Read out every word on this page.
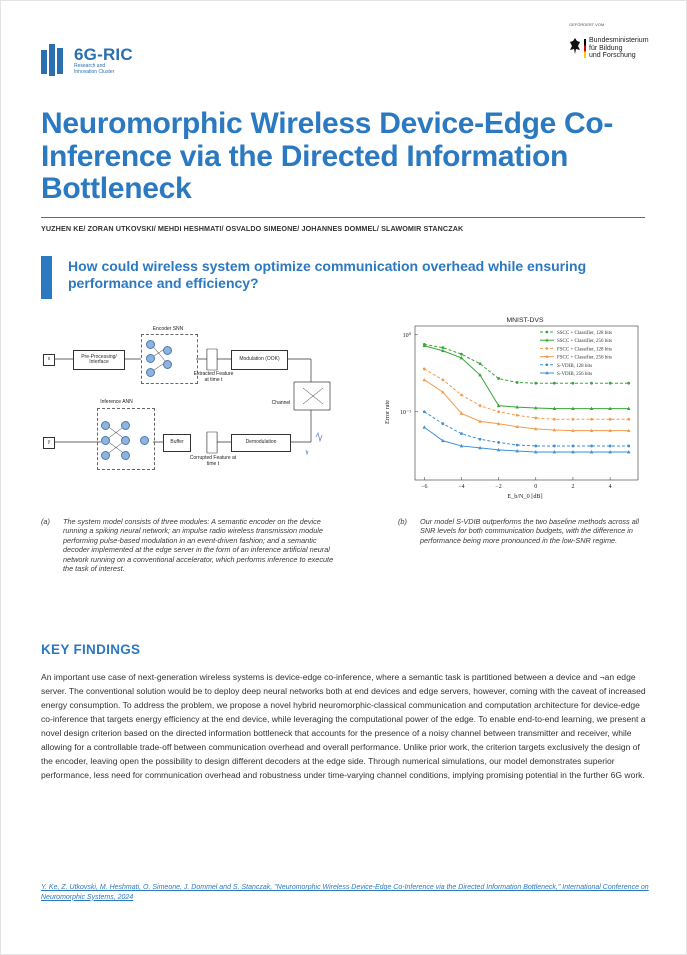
6G-RIC
Research and Innovation Cluster
GEFÖRDERT VOM
Bundesministerium
für Bildung
und Forschung
Neuromorphic Wireless Device-Edge Co-Inference via the Directed Information Bottleneck
YUZHEN KE/ ZORAN UTKOVSKI/ MEHDI HESHMATI/ OSVALDO SIMEONE/ JOHANNES DOMMEL/ SLAWOMIR STANCZAK
How could wireless system optimize communication overhead while ensuring performance and efficiency?
x	Pre-Processing/ Interface
Encoder SNN
Modulation (OOK)
Extracted Feature at time t
Channel
Inference ANN
y	Buffer	Demodulation
Corrupted Feature at time t
MNIST-DVS
Error rate
E_b/N_0 [dB]
−6	−4	−2	0	2	4
10⁰
10⁻¹
SSCC + Classifier, 128 bits
SSCC + Classifier, 256 bits
FSCC + Classifier, 128 bits
FSCC + Classifier, 256 bits
S-VDIB, 128 bits
S-VDIB, 256 bits
(a)	The system model consists of three modules: A semantic encoder on the device running a spiking neural network; an impulse radio wireless transmission module performing pulse-based modulation in an event-driven fashion; and a semantic decoder implemented at the edge server in the form of an inference artificial neural network running on a conventional accelerator, which performs inference to execute the task of interest.
(b)	Our model S-VDIB outperforms the two baseline methods across all SNR levels for both communication budgets, with the difference in performance being more pronounced in the low-SNR regime.
KEY FINDINGS

An important use case of next-generation wireless systems is device-edge co-inference, where a semantic task is partitioned between a device and ¬an edge server. The conventional solution would be to deploy deep neural networks both at end devices and edge servers, however, coming with the caveat of increased energy consumption. To address the problem, we propose a novel hybrid neuromorphic-classical communication and computation architecture for device-edge co-inference that targets energy efficiency at the end device, while leveraging the computational power of the edge. To enable end-to-end learning, we present a novel design criterion based on the directed information bottleneck that accounts for the presence of a noisy channel between transmitter and receiver, while allowing for a controllable trade-off between communication overhead and overall performance. Unlike prior work, the criterion targets exclusively the design of the encoder, leaving open the possibility to design different decoders at the edge side. Through numerical simulations, our model demonstrates superior performance, less need for communication overhead and robustness under time-varying channel conditions, implying promising potential in the further 6G work.

Y. Ke, Z. Utkovski, M. Heshmati, O. Simeone, J. Dommel and S. Stanczak, "Neuromorphic Wireless Device-Edge Co-Inference via the Directed Information Bottleneck," International Conference on Neuromorphic Systems, 2024
